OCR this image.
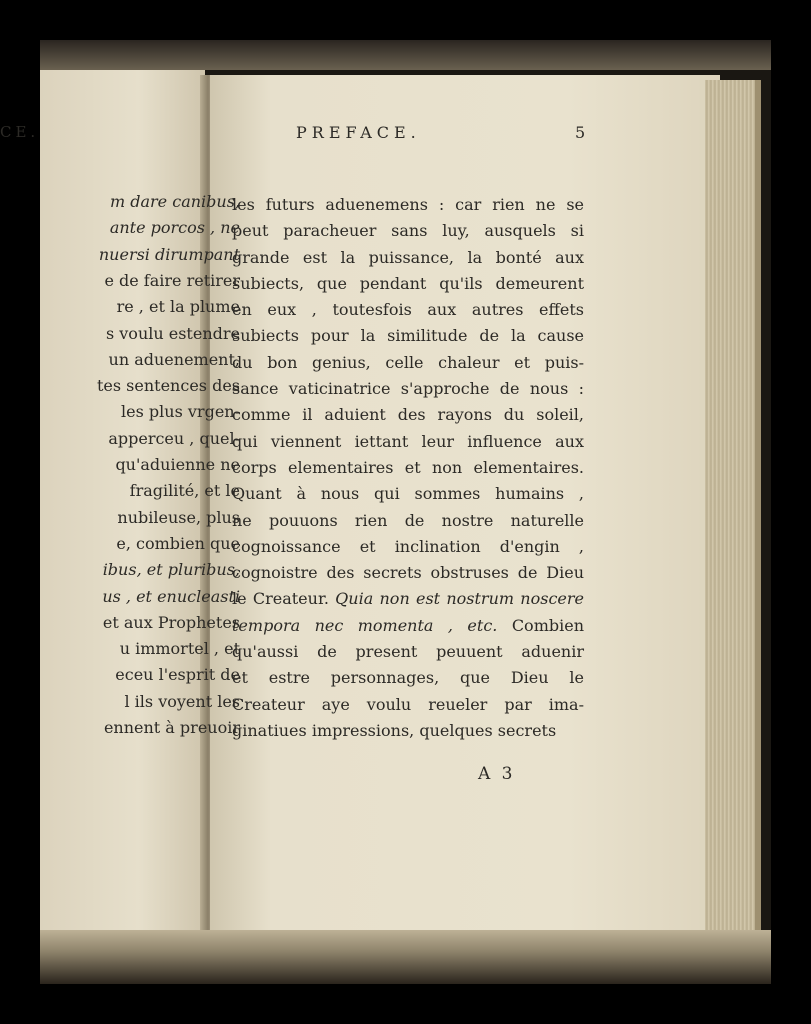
CE.
m dare canibus,
ante porcos , ne
nuersi dirumpant
e de faire retirer
re , et la plume
s voulu estendre
un aduenement,
tes sentences des
les plus vrgen-
apperceu , quel-
qu'aduienne ne
fragilité, et le
nubileuse, plus
e, combien que
ibus, et pluribus,
us , et enucleasti
et aux Prophetes
u immortel , et
eceu l'esprit de
l ils voyent les
ennent à preuoir
PREFACE.	5
les futurs aduenemens : car rien ne se
peut paracheuer sans luy, ausquels si
grande est la puissance, la bonté aux
subiects, que pendant qu'ils demeurent
en eux , toutesfois aux autres effets
subiects pour la similitude de la cause
du bon genius, celle chaleur et puis-
sance vaticinatrice s'approche de nous :
comme il aduient des rayons du soleil,
qui viennent iettant leur influence aux
corps elementaires et non elementaires.
Quant à nous qui sommes humains ,
ne pouuons rien de nostre naturelle
cognoissance et inclination d'engin ,
cognoistre des secrets obstruses de Dieu
le Createur. Quia non est nostrum noscere
tempora nec momenta , etc. Combien
qu'aussi de present peuuent aduenir
et estre personnages, que Dieu le
Createur aye voulu reueler par ima-
ginatiues impressions, quelques secrets
A 3
